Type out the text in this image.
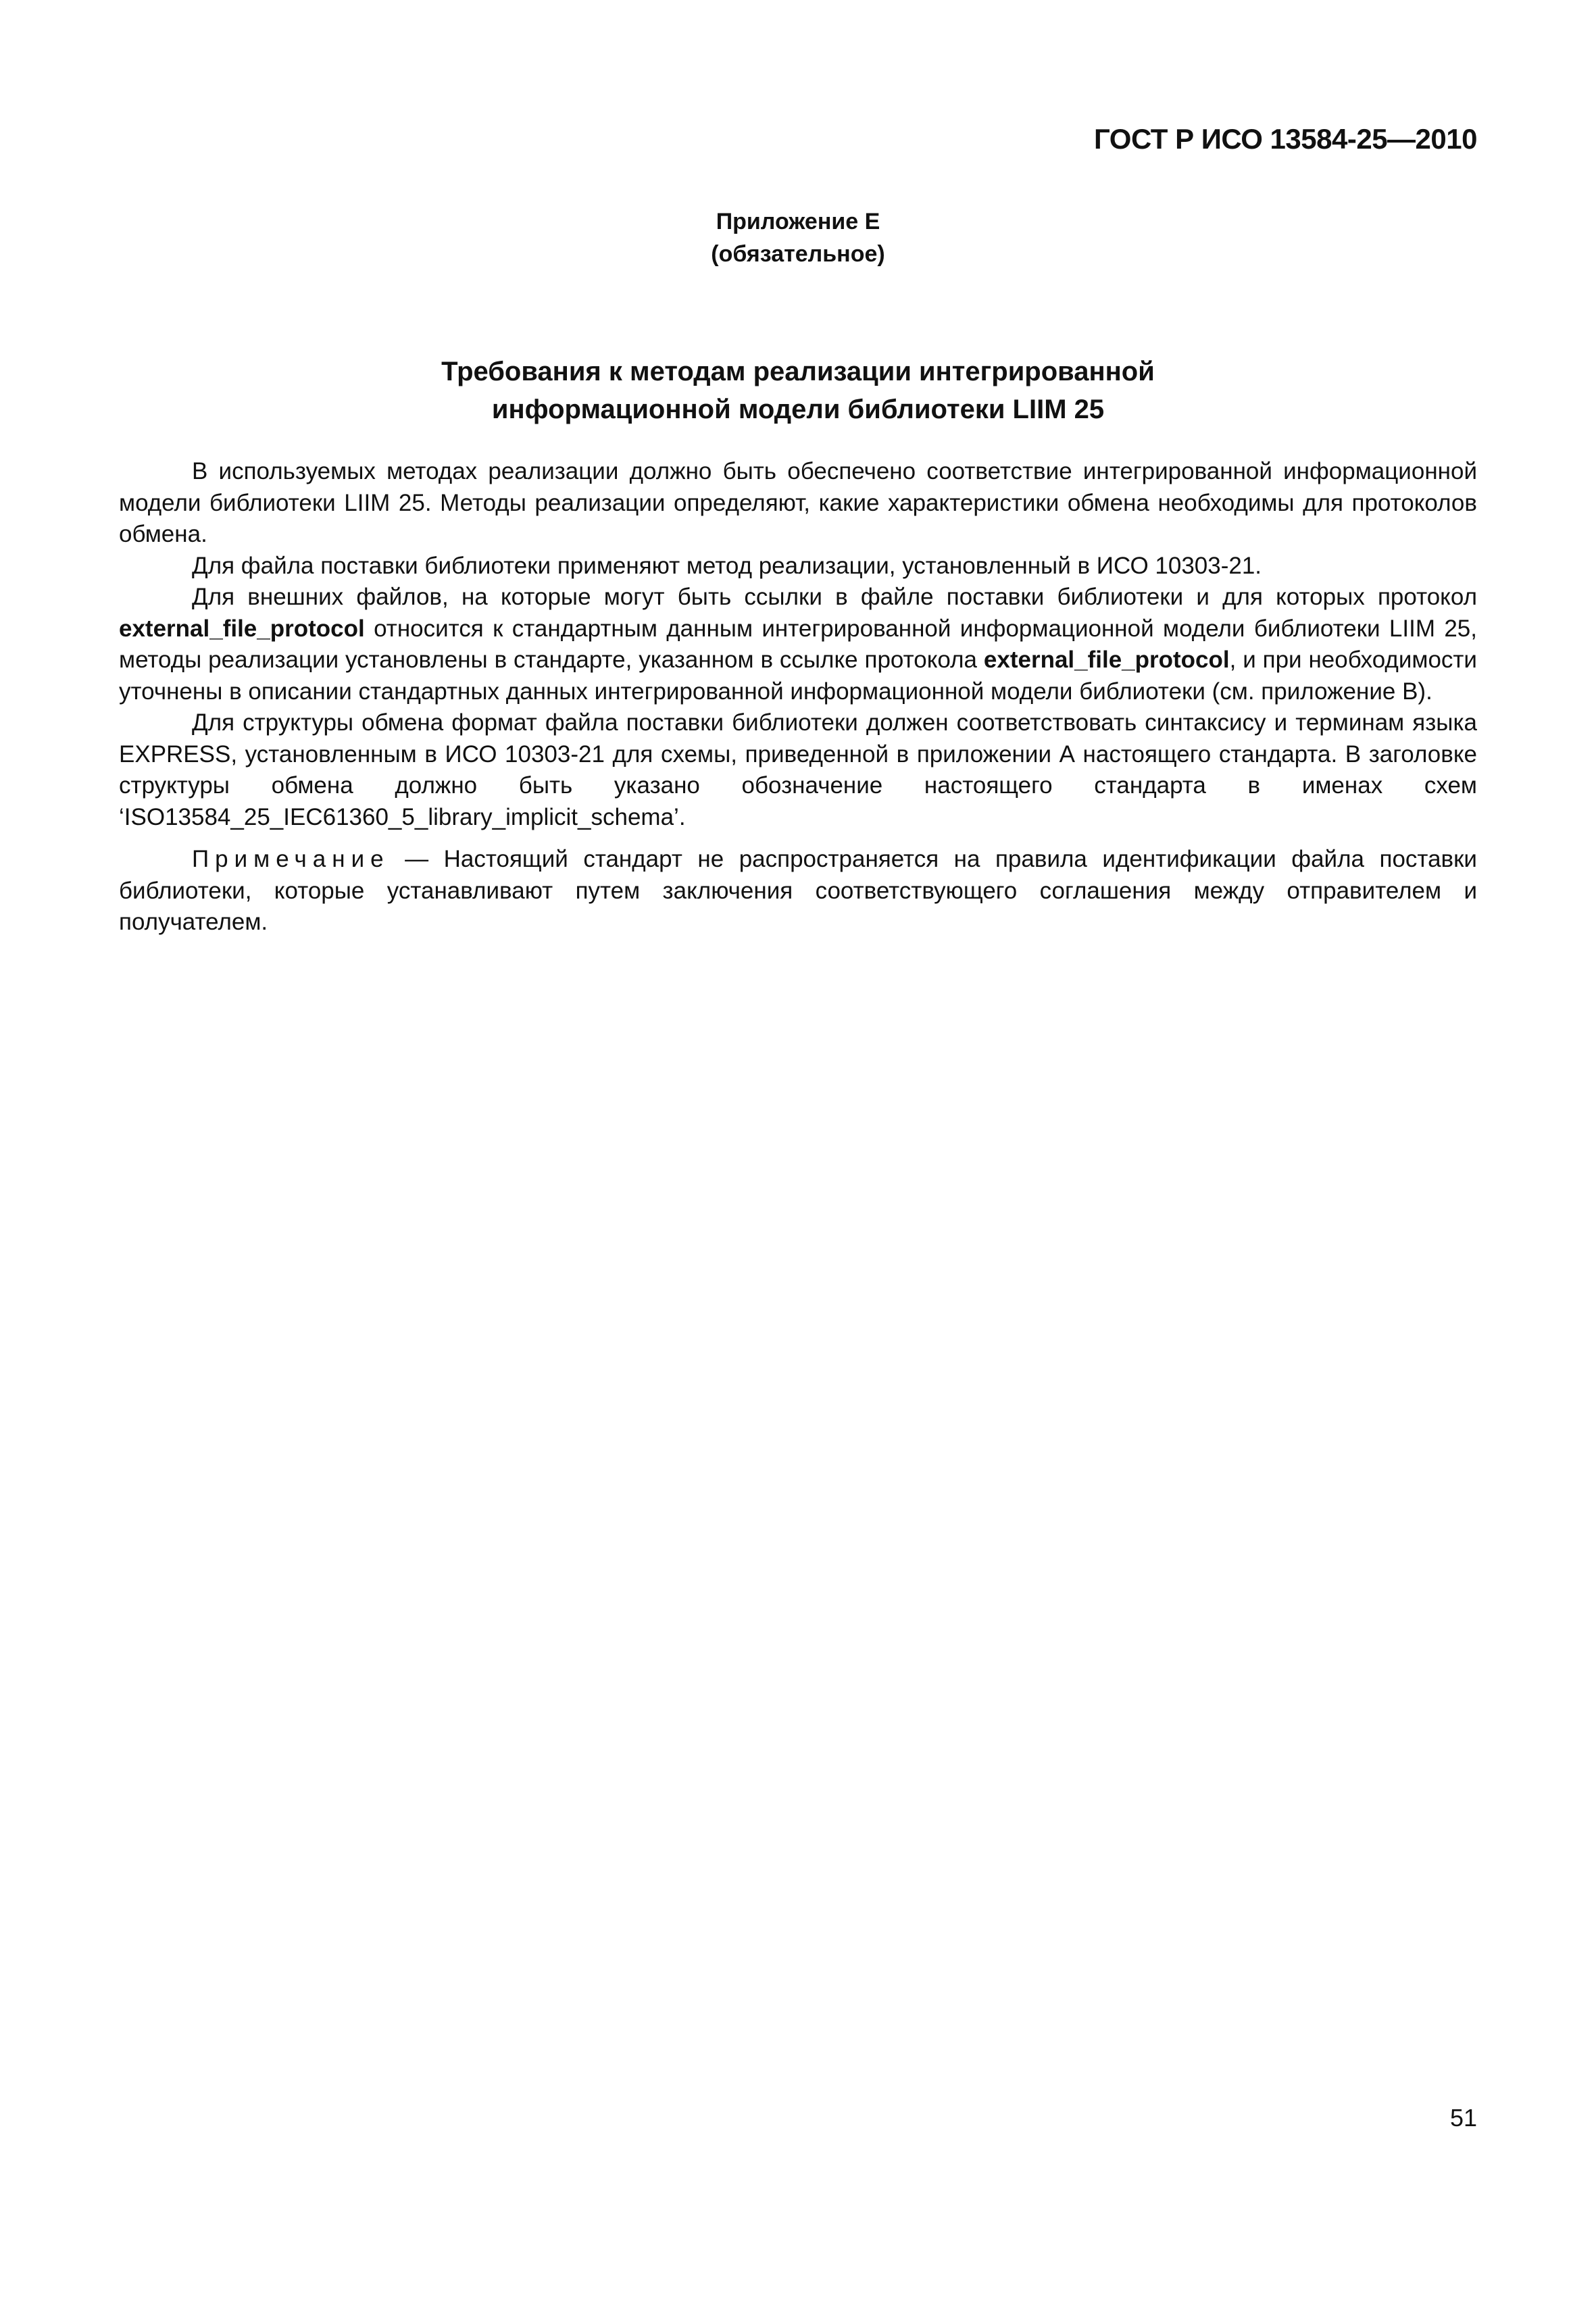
ГОСТ Р ИСО 13584-25—2010
Приложение Е
(обязательное)
Требования к методам реализации интегрированной
информационной модели библиотеки LIIM 25

В используемых методах реализации должно быть обеспечено соответствие интегрированной информационной модели библиотеки LIIM 25. Методы реализации определяют, какие характеристики обмена необходимы для протоколов обмена.

Для файла поставки библиотеки применяют метод реализации, установленный в ИСО 10303-21.

Для внешних файлов, на которые могут быть ссылки в файле поставки библиотеки и для которых протокол external_file_protocol относится к стандартным данным интегрированной информационной модели библиотеки LIIM 25, методы реализации установлены в стандарте, указанном в ссылке протокола external_file_protocol, и при необходимости уточнены в описании стандартных данных интегрированной информационной модели библиотеки (см. приложение В).

Для структуры обмена формат файла поставки библиотеки должен соответствовать синтаксису и терминам языка EXPRESS, установленным в ИСО 10303-21 для схемы, приведенной в приложении А настоящего стандарта. В заголовке структуры обмена должно быть указано обозначение настоящего стандарта в именах схем ‘ISO13584_25_IEC61360_5_library_implicit_schema’.

Примечание — Настоящий стандарт не распространяется на правила идентификации файла поставки библиотеки, которые устанавливают путем заключения соответствующего соглашения между отправителем и получателем.

51
